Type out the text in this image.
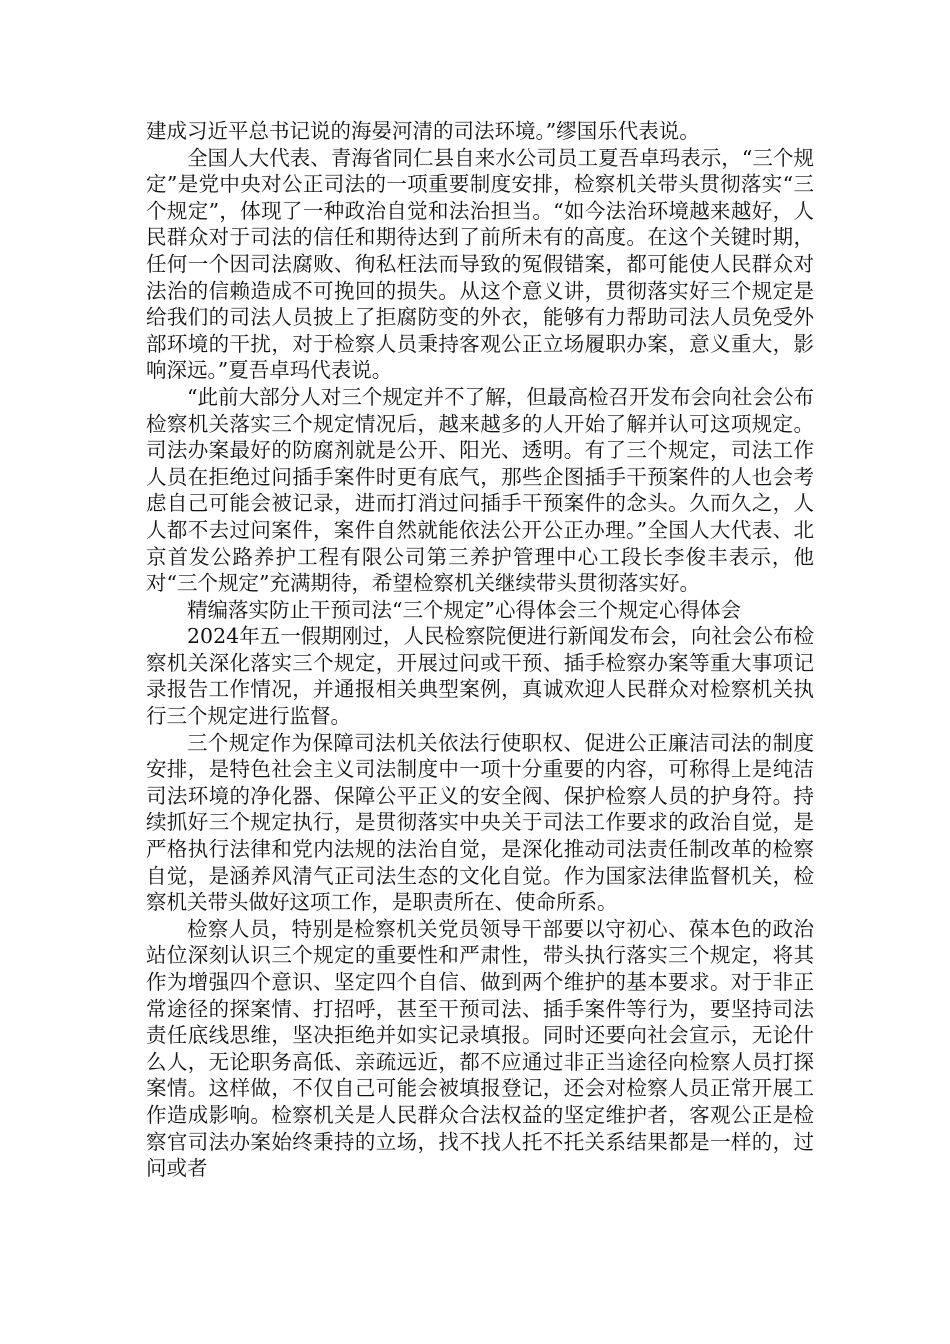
建成习近平总书记说的海晏河清的司法环境。”缪国乐代表说。

全国人大代表、青海省同仁县自来水公司员工夏吾卓玛表示，“三个规定”是党中央对公正司法的一项重要制度安排，检察机关带头贯彻落实“三个规定”，体现了一种政治自觉和法治担当。“如今法治环境越来越好，人民群众对于司法的信任和期待达到了前所未有的高度。在这个关键时期，任何一个因司法腐败、徇私枉法而导致的冤假错案，都可能使人民群众对法治的信赖造成不可挽回的损失。从这个意义讲，贯彻落实好三个规定是给我们的司法人员披上了拒腐防变的外衣，能够有力帮助司法人员免受外部环境的干扰，对于检察人员秉持客观公正立场履职办案，意义重大，影响深远。”夏吾卓玛代表说。

“此前大部分人对三个规定并不了解，但最高检召开发布会向社会公布检察机关落实三个规定情况后，越来越多的人开始了解并认可这项规定。司法办案最好的防腐剂就是公开、阳光、透明。有了三个规定，司法工作人员在拒绝过问插手案件时更有底气，那些企图插手干预案件的人也会考虑自己可能会被记录，进而打消过问插手干预案件的念头。久而久之，人人都不去过问案件，案件自然就能依法公开公正办理。”全国人大代表、北京首发公路养护工程有限公司第三养护管理中心工段长李俊丰表示，他对“三个规定”充满期待，希望检察机关继续带头贯彻落实好。

精编落实防止干预司法“三个规定”心得体会三个规定心得体会

2024年五一假期刚过，人民检察院便进行新闻发布会，向社会公布检察机关深化落实三个规定，开展过问或干预、插手检察办案等重大事项记录报告工作情况，并通报相关典型案例，真诚欢迎人民群众对检察机关执行三个规定进行监督。

三个规定作为保障司法机关依法行使职权、促进公正廉洁司法的制度安排，是特色社会主义司法制度中一项十分重要的内容，可称得上是纯洁司法环境的净化器、保障公平正义的安全阀、保护检察人员的护身符。持续抓好三个规定执行，是贯彻落实中央关于司法工作要求的政治自觉，是严格执行法律和党内法规的法治自觉，是深化推动司法责任制改革的检察自觉，是涵养风清气正司法生态的文化自觉。作为国家法律监督机关，检察机关带头做好这项工作，是职责所在、使命所系。

检察人员，特别是检察机关党员领导干部要以守初心、葆本色的政治站位深刻认识三个规定的重要性和严肃性，带头执行落实三个规定，将其作为增强四个意识、坚定四个自信、做到两个维护的基本要求。对于非正常途径的探案情、打招呼，甚至干预司法、插手案件等行为，要坚持司法责任底线思维，坚决拒绝并如实记录填报。同时还要向社会宣示，无论什么人，无论职务高低、亲疏远近，都不应通过非正当途径向检察人员打探案情。这样做，不仅自己可能会被填报登记，还会对检察人员正常开展工作造成影响。检察机关是人民群众合法权益的坚定维护者，客观公正是检察官司法办案始终秉持的立场，找不找人托不托关系结果都是一样的，过问或者
